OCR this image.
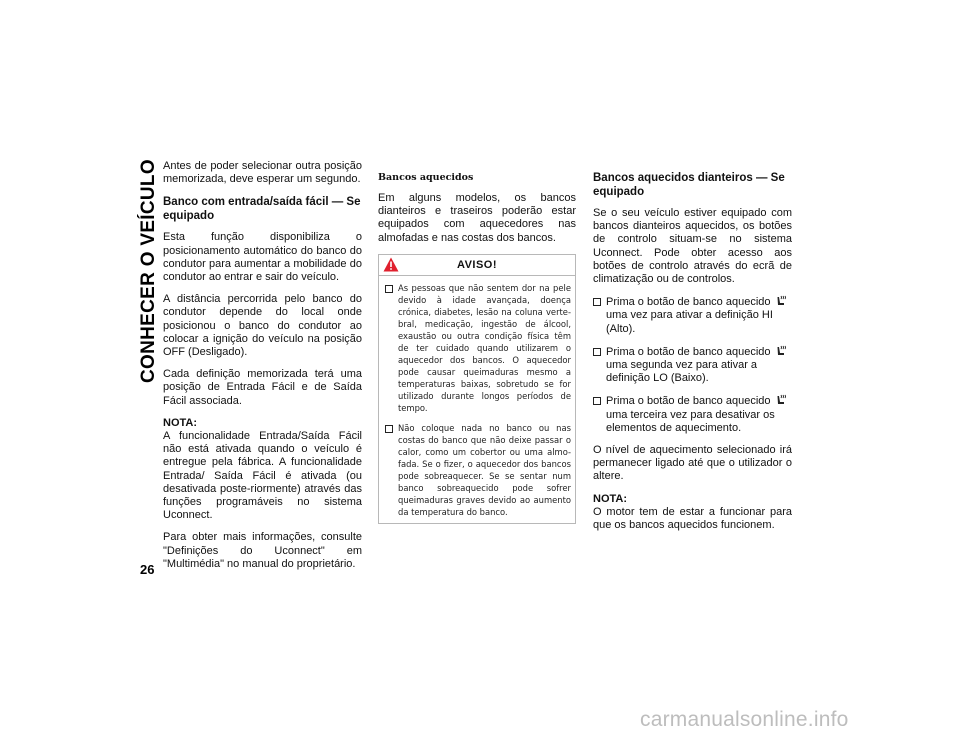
CONHECER O VEÍCULO
26

Antes de poder selecionar outra posição memorizada, deve esperar um segundo.

Banco com entrada/saída fácil — Se equipado

Esta função disponibiliza o posicionamento automático do banco do condutor para aumentar a mobilidade do condutor ao entrar e sair do veículo.

A distância percorrida pelo banco do condutor depende do local onde posicionou o banco do condutor ao colocar a ignição do veículo na posição OFF (Desligado).

Cada definição memorizada terá uma posição de Entrada Fácil e de Saída Fácil associada.

NOTA:
A funcionalidade Entrada/Saída Fácil não está ativada quando o veículo é entregue pela fábrica. A funcionalidade Entrada/ Saída Fácil é ativada (ou desativada poste-riormente) através das funções programáveis no sistema Uconnect.

Para obter mais informações, consulte "Definições do Uconnect" em "Multimédia" no manual do proprietário.

Bancos aquecidos

Em alguns modelos, os bancos dianteiros e traseiros poderão estar equipados com aquecedores nas almofadas e nas costas dos bancos.

AVISO!
As pessoas que não sentem dor na pele devido à idade avançada, doença crónica, diabetes, lesão na coluna verte-bral, medicação, ingestão de álcool, exaustão ou outra condição física têm de ter cuidado quando utilizarem o aquecedor dos bancos. O aquecedor pode causar queimaduras mesmo a temperaturas baixas, sobretudo se for utilizado durante longos períodos de tempo.
Não coloque nada no banco ou nas costas do banco que não deixe passar o calor, como um cobertor ou uma almo-fada. Se o fizer, o aquecedor dos bancos pode sobreaquecer. Se se sentar num banco sobreaquecido pode sofrer queimaduras graves devido ao aumento da temperatura do banco.
Bancos aquecidos dianteiros — Se equipado

Se o seu veículo estiver equipado com bancos dianteiros aquecidos, os botões de controlo situam-se no sistema Uconnect. Pode obter acesso aos botões de controlo através do ecrã de climatização ou de controlos.

Prima o botão de banco aquecido  uma vez para ativar a definição HI (Alto).
Prima o botão de banco aquecido  uma segunda vez para ativar a definição LO (Baixo).
Prima o botão de banco aquecido  uma terceira vez para desativar os elementos de aquecimento.

O nível de aquecimento selecionado irá permanecer ligado até que o utilizador o altere.

NOTA:
O motor tem de estar a funcionar para que os bancos aquecidos funcionem.

carmanualsonline.info
